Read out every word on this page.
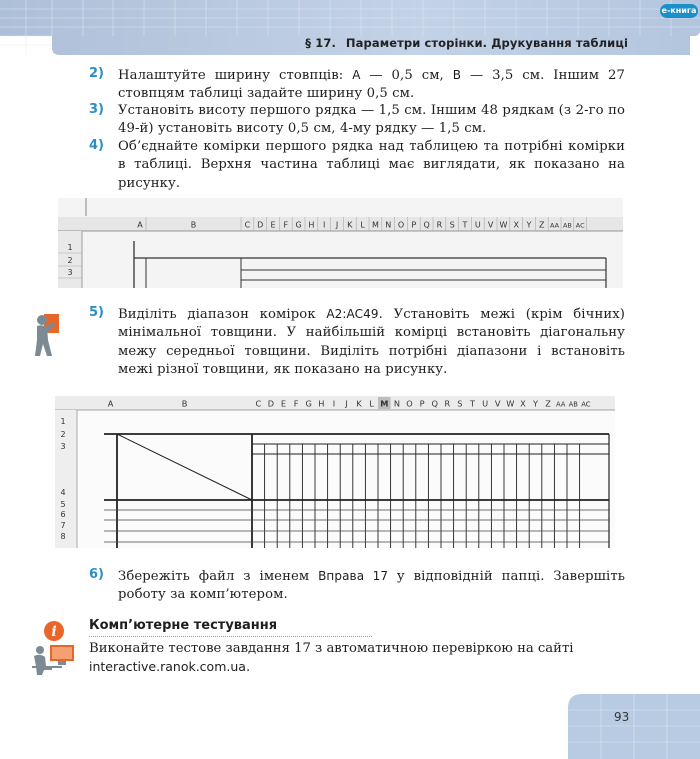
e-книга
§ 17. Параметри сторінки. Друкування таблиці
2) Налаштуйте ширину стовпців: A — 0,5 см, B — 3,5 см. Іншим 27 стовпцям таблиці задайте ширину 0,5 см.

3) Установіть висоту першого рядка — 1,5 см. Іншим 48 рядкам (з 2-го по 49-й) установіть висоту 0,5 см, 4-му рядку — 1,5 см.

4) Об’єднайте комірки першого рядка над таблицею та потрібні комірки в таблиці. Верхня частина таблиці має виглядати, як показано на рисунку.

A	B	C D E F G H I J K L M N O P Q R S T U V W X Y Z AA AB AC
1
2
3
5) Виділіть діапазон комірок A2:AC49. Установіть межі (крім бічних) мінімальної товщини. У найбільшій комірці встановіть діагональну межу середньої товщини. Виділіть потрібні діапазони і встановіть межі різної товщини, як показано на рисунку.

A	B	C D E F G H I J K L M N O P Q R S T U V W X Y Z AA AB AC
1
2
3
4
5
6
7
8
6) Збережіть файл з іменем Вправа 17 у відповідній папці. Завершіть роботу за комп’ютером.

i Комп’ютерне тестування

Виконайте тестове завдання 17 з автоматичною перевіркою на сайті interactive.ranok.com.ua.

93
